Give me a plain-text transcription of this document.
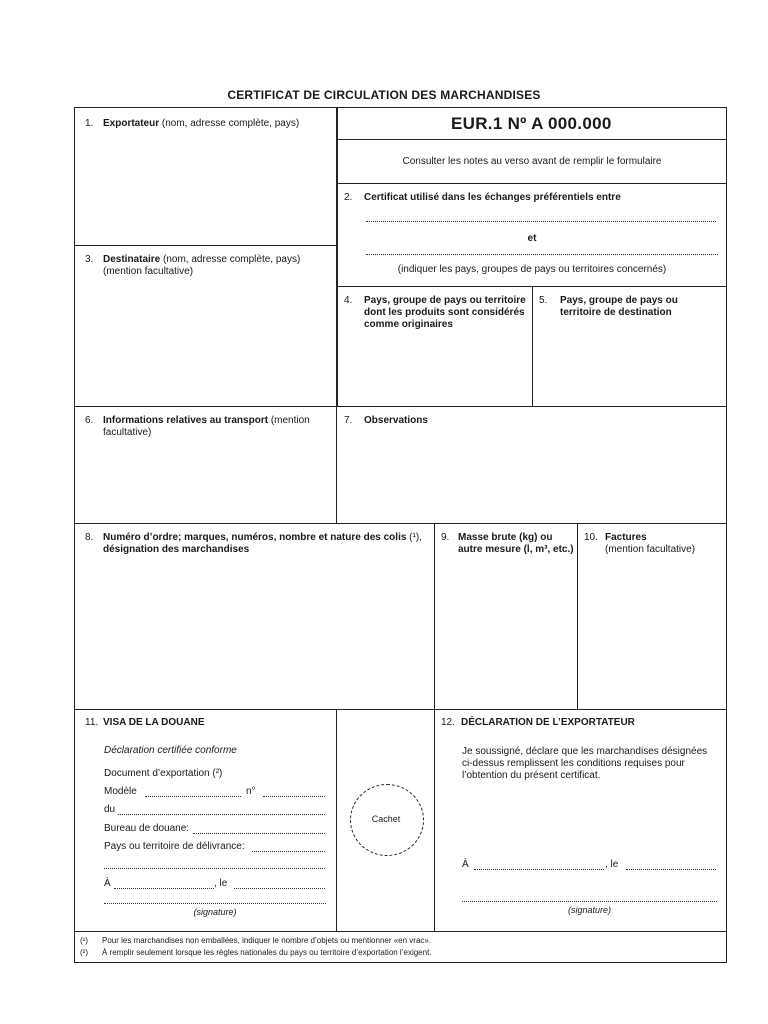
CERTIFICAT DE CIRCULATION DES MARCHANDISES
1. Exportateur (nom, adresse complète, pays)	EUR.1 Nº A 000.000
Consulter les notes au verso avant de remplir le formulaire
2. Certificat utilisé dans les échanges préférentiels entre
et
(indiquer les pays, groupes de pays ou territoires concernés)
3. Destinataire (nom, adresse complète, pays)
(mention facultative)
4. Pays, groupe de pays ou territoire
dont les produits sont considérés
comme originaires
5. Pays, groupe de pays ou
territoire de destination
6. Informations relatives au transport (mention
facultative)
7. Observations
8. Numéro d’ordre; marques, numéros, nombre et nature des colis (¹),
désignation des marchandises
9. Masse brute (kg) ou
autre mesure (l, m³, etc.)
10. Factures
(mention facultative)
11. VISA DE LA DOUANE
Déclaration certifiée conforme
Document d’exportation (²)
Modèle	n°
du
Bureau de douane:
Pays ou territoire de délivrance:
À	, le
(signature)
Cachet
12. DÉCLARATION DE L’EXPORTATEUR
Je soussigné, déclare que les marchandises désignées
ci-dessus remplissent les conditions requises pour
l’obtention du présent certificat.
À	, le
(signature)
(¹) Pour les marchandises non emballées, indiquer le nombre d’objets ou mentionner «en vrac».
(²) À remplir seulement lorsque les règles nationales du pays ou territoire d’exportation l’exigent.
